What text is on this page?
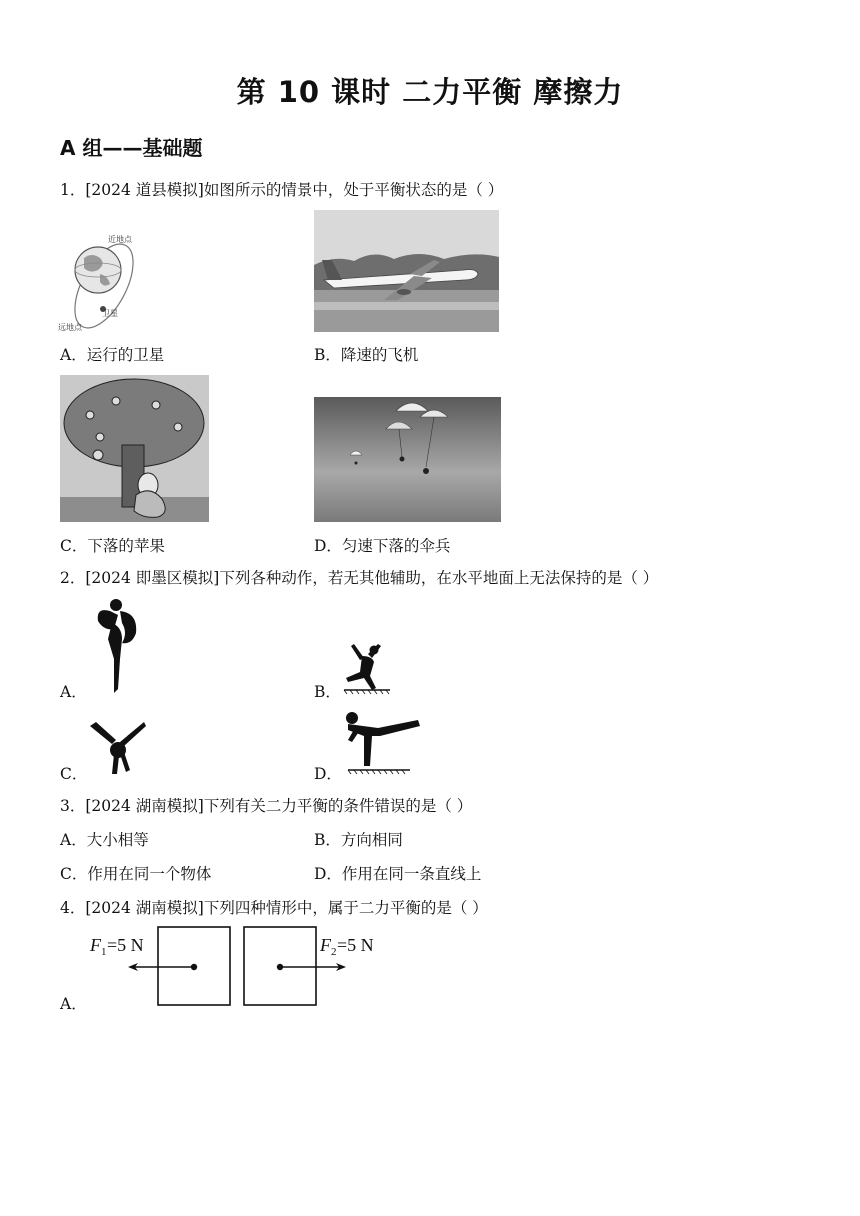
第 10 课时 二力平衡 摩擦力
A 组——基础题
1．[2024 道县模拟]如图所示的情景中，处于平衡状态的是（ ）
近地点
卫星
远地点
A．运行的卫星	B．降速的飞机
C．下落的苹果	D．匀速下落的伞兵
2．[2024 即墨区模拟]下列各种动作，若无其他辅助，在水平地面上无法保持的是（ ）
A．	B．
C．	D．
3．[2024 湖南模拟]下列有关二力平衡的条件错误的是（ ）
A．大小相等	B．方向相同
C．作用在同一个物体	D．作用在同一条直线上
4．[2024 湖南模拟]下列四种情形中，属于二力平衡的是（ ）
A．
F 1 =5 N	F 2 =5 N
